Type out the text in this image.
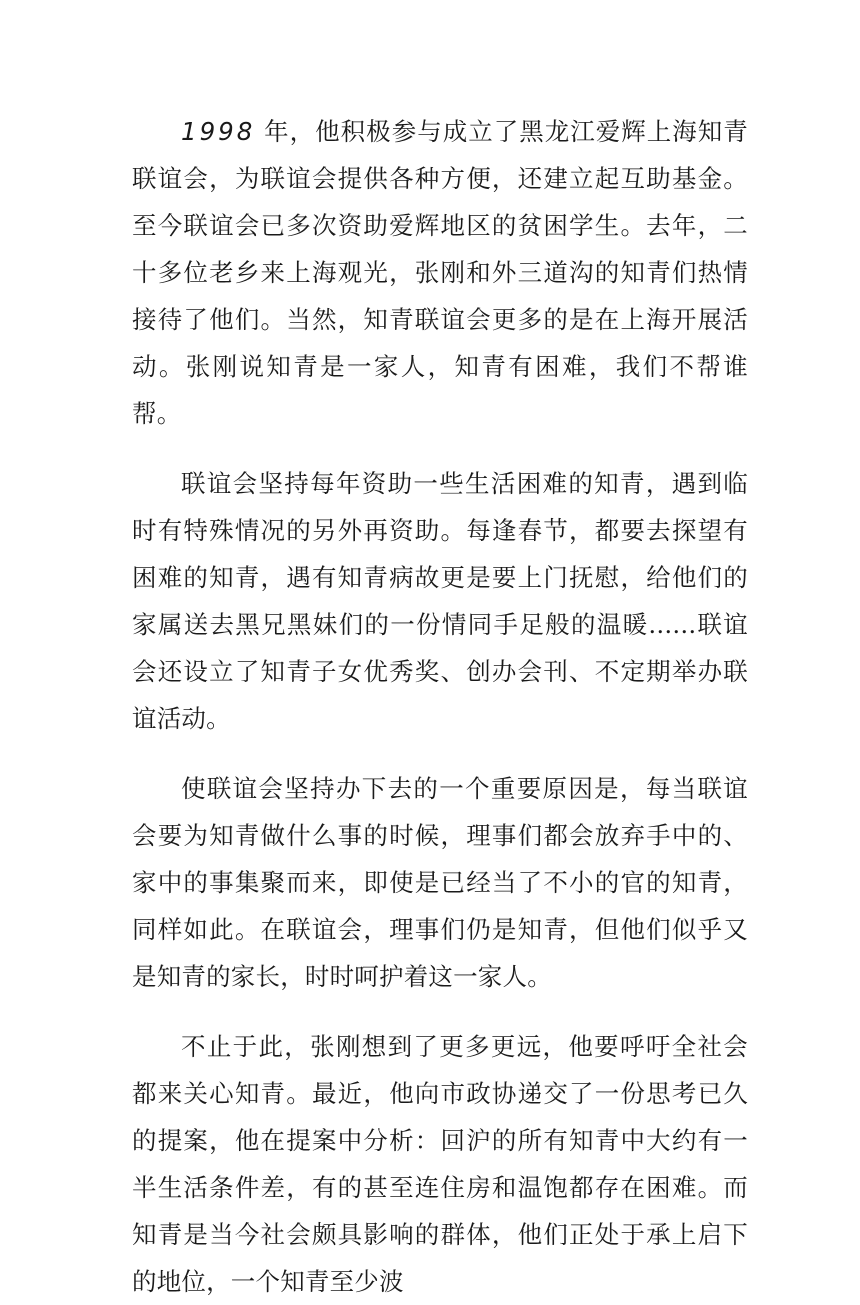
1998 年，他积极参与成立了黑龙江爱辉上海知青联谊会，为联谊会提供各种方便，还建立起互助基金。至今联谊会已多次资助爱辉地区的贫困学生。去年，二十多位老乡来上海观光，张刚和外三道沟的知青们热情接待了他们。当然，知青联谊会更多的是在上海开展活动。张刚说知青是一家人，知青有困难，我们不帮谁帮。

联谊会坚持每年资助一些生活困难的知青，遇到临时有特殊情况的另外再资助。每逢春节，都要去探望有困难的知青，遇有知青病故更是要上门抚慰，给他们的家属送去黑兄黑妹们的一份情同手足般的温暖......联谊会还设立了知青子女优秀奖、创办会刊、不定期举办联谊活动。

使联谊会坚持办下去的一个重要原因是，每当联谊会要为知青做什么事的时候，理事们都会放弃手中的、家中的事集聚而来，即使是已经当了不小的官的知青，同样如此。在联谊会，理事们仍是知青，但他们似乎又是知青的家长，时时呵护着这一家人。

不止于此，张刚想到了更多更远，他要呼吁全社会都来关心知青。最近，他向市政协递交了一份思考已久的提案，他在提案中分析：回沪的所有知青中大约有一半生活条件差，有的甚至连住房和温饱都存在困难。而知青是当今社会颇具影响的群体，他们正处于承上启下的地位，一个知青至少波
